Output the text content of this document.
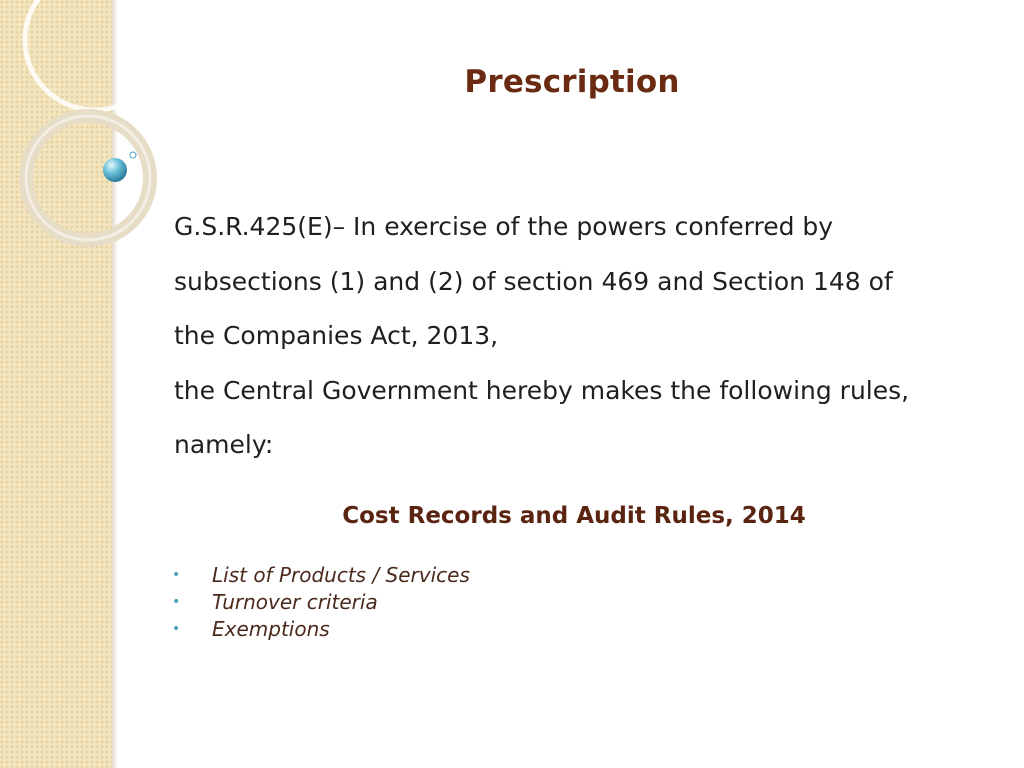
Prescription
G.S.R.425(E)– In exercise of the powers conferred by
subsections (1) and (2) of section 469 and Section 148 of
the Companies Act, 2013,
the Central Government hereby makes the following rules,
namely:
Cost Records and Audit Rules, 2014
• List of Products / Services
• Turnover criteria
• Exemptions
